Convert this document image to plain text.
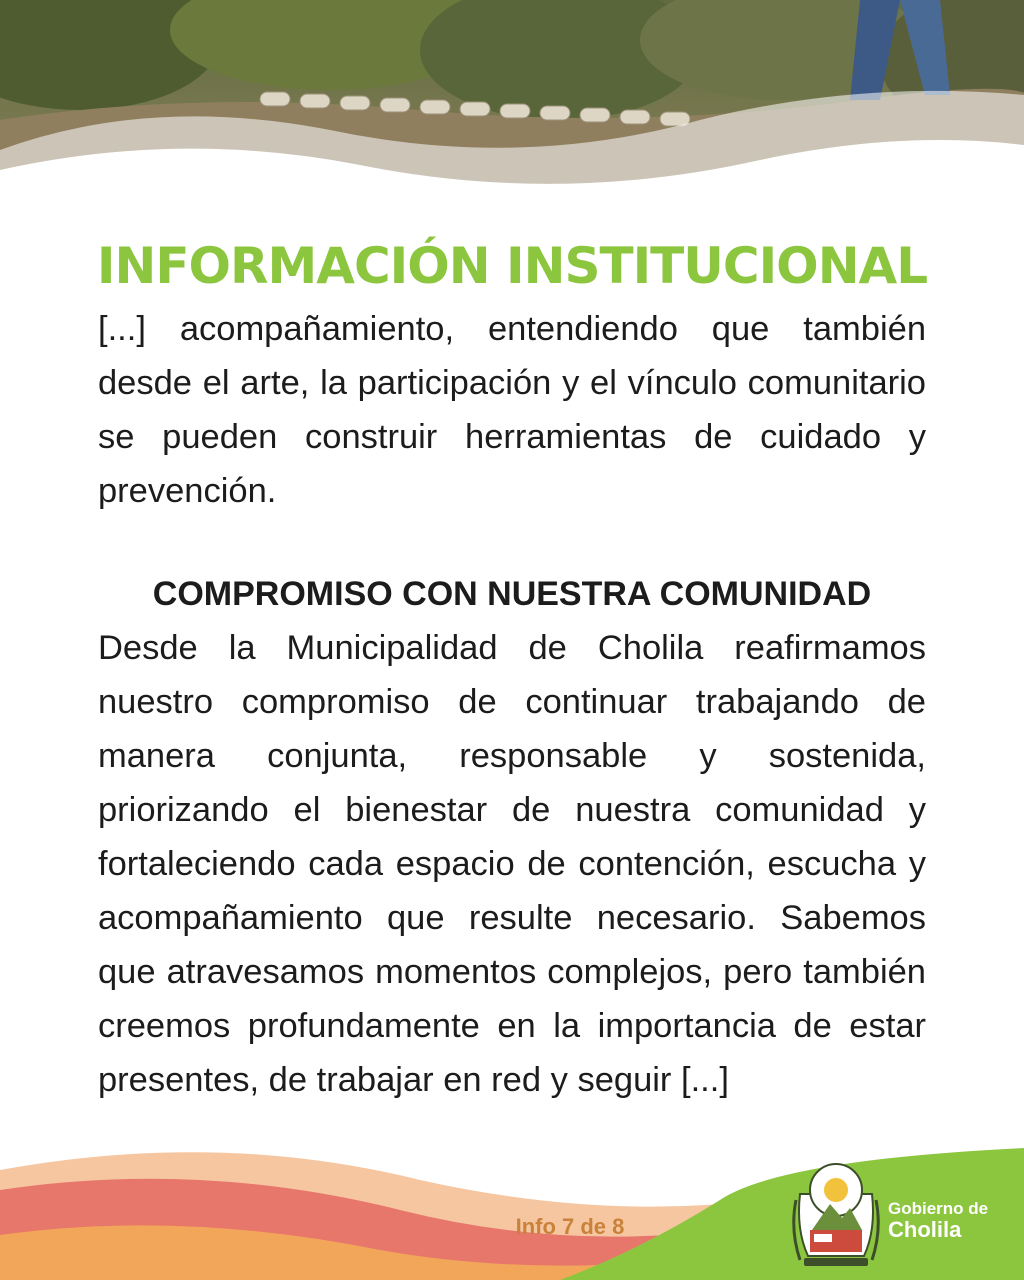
INFORMACIÓN INSTITUCIONAL

[...] acompañamiento, entendiendo que también desde el arte, la participación y el vínculo comunitario se pueden construir herramientas de cuidado y prevención.

COMPROMISO CON NUESTRA COMUNIDAD

Desde la Municipalidad de Cholila reafirmamos nuestro compromiso de continuar trabajando de manera conjunta, responsable y sostenida, priorizando el bienestar de nuestra comunidad y fortaleciendo cada espacio de contención, escucha y acompañamiento que resulte necesario. Sabemos que atravesamos momentos complejos, pero también creemos profundamente en la importancia de estar presentes, de trabajar en red y seguir [...]

Info 7 de 8
Gobierno de
Cholila
